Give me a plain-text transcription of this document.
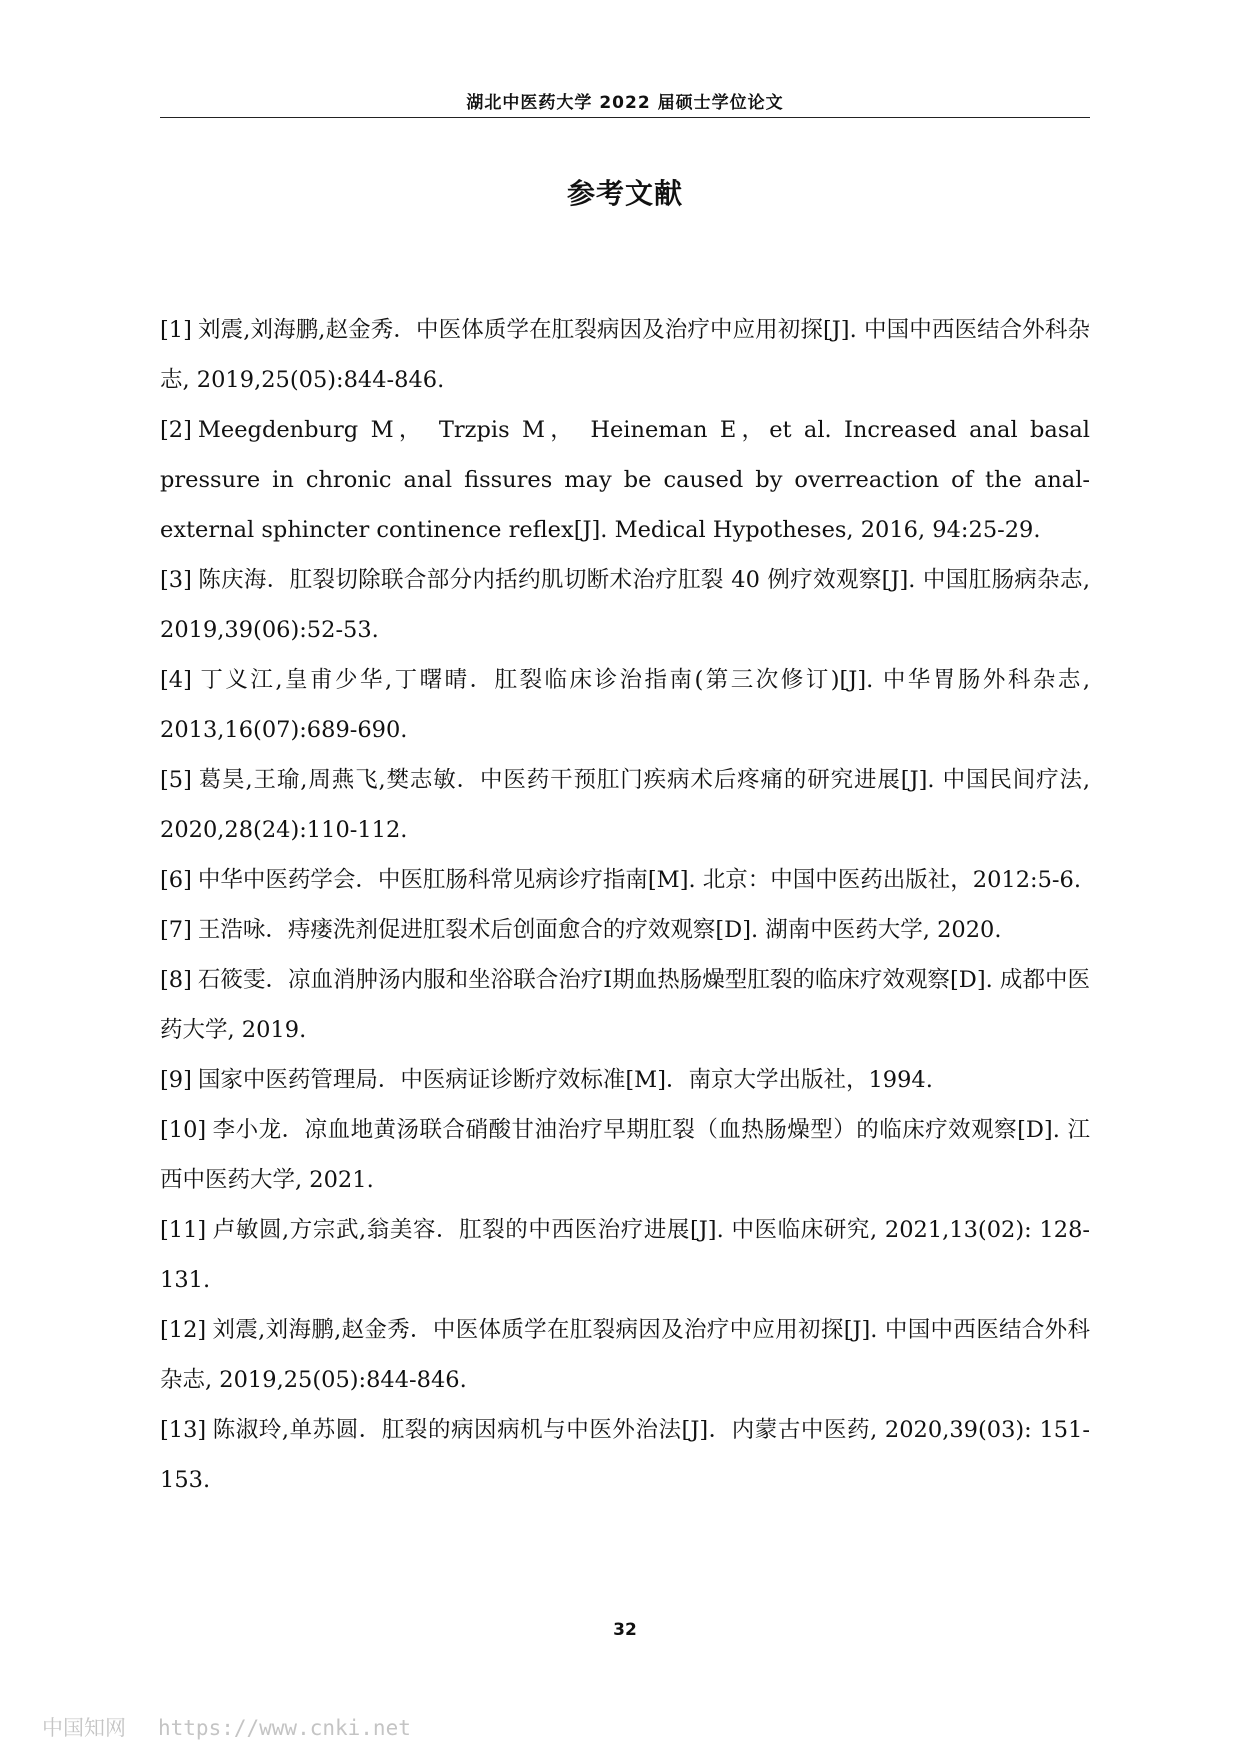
湖北中医药大学 2022 届硕士学位论文
参考文献
[1] 刘震,刘海鹏,赵金秀．中医体质学在肛裂病因及治疗中应用初探[J]. 中国中西医结合外科杂志, 2019,25(05):844-846.
[2] Meegdenburg M， Trzpis M， Heineman E，et al. Increased anal basal pressure in chronic anal fissures may be caused by overreaction of the anal-external sphincter continence reflex[J]. Medical Hypotheses, 2016, 94:25-29.
[3] 陈庆海．肛裂切除联合部分内括约肌切断术治疗肛裂 40 例疗效观察[J]. 中国肛肠病杂志, 2019,39(06):52-53.
[4] 丁义江,皇甫少华,丁曙晴．肛裂临床诊治指南(第三次修订)[J]. 中华胃肠外科杂志, 2013,16(07):689-690.
[5] 葛昊,王瑜,周燕飞,樊志敏．中医药干预肛门疾病术后疼痛的研究进展[J]. 中国民间疗法, 2020,28(24):110-112.
[6] 中华中医药学会．中医肛肠科常见病诊疗指南[M]. 北京：中国中医药出版社，2012:5-6.
[7] 王浩咏．痔瘘洗剂促进肛裂术后创面愈合的疗效观察[D]. 湖南中医药大学, 2020.
[8] 石筱雯．凉血消肿汤内服和坐浴联合治疗Ⅰ期血热肠燥型肛裂的临床疗效观察[D]. 成都中医药大学, 2019.
[9] 国家中医药管理局．中医病证诊断疗效标准[M]．南京大学出版社，1994.
[10] 李小龙．凉血地黄汤联合硝酸甘油治疗早期肛裂（血热肠燥型）的临床疗效观察[D]. 江西中医药大学, 2021.
[11] 卢敏圆,方宗武,翁美容．肛裂的中西医治疗进展[J]. 中医临床研究, 2021,13(02): 128-131.
[12] 刘震,刘海鹏,赵金秀．中医体质学在肛裂病因及治疗中应用初探[J]. 中国中西医结合外科杂志, 2019,25(05):844-846.
[13] 陈淑玲,单苏圆．肛裂的病因病机与中医外治法[J]．内蒙古中医药, 2020,39(03): 151-153.
32
中国知网 https://www.cnki.net
